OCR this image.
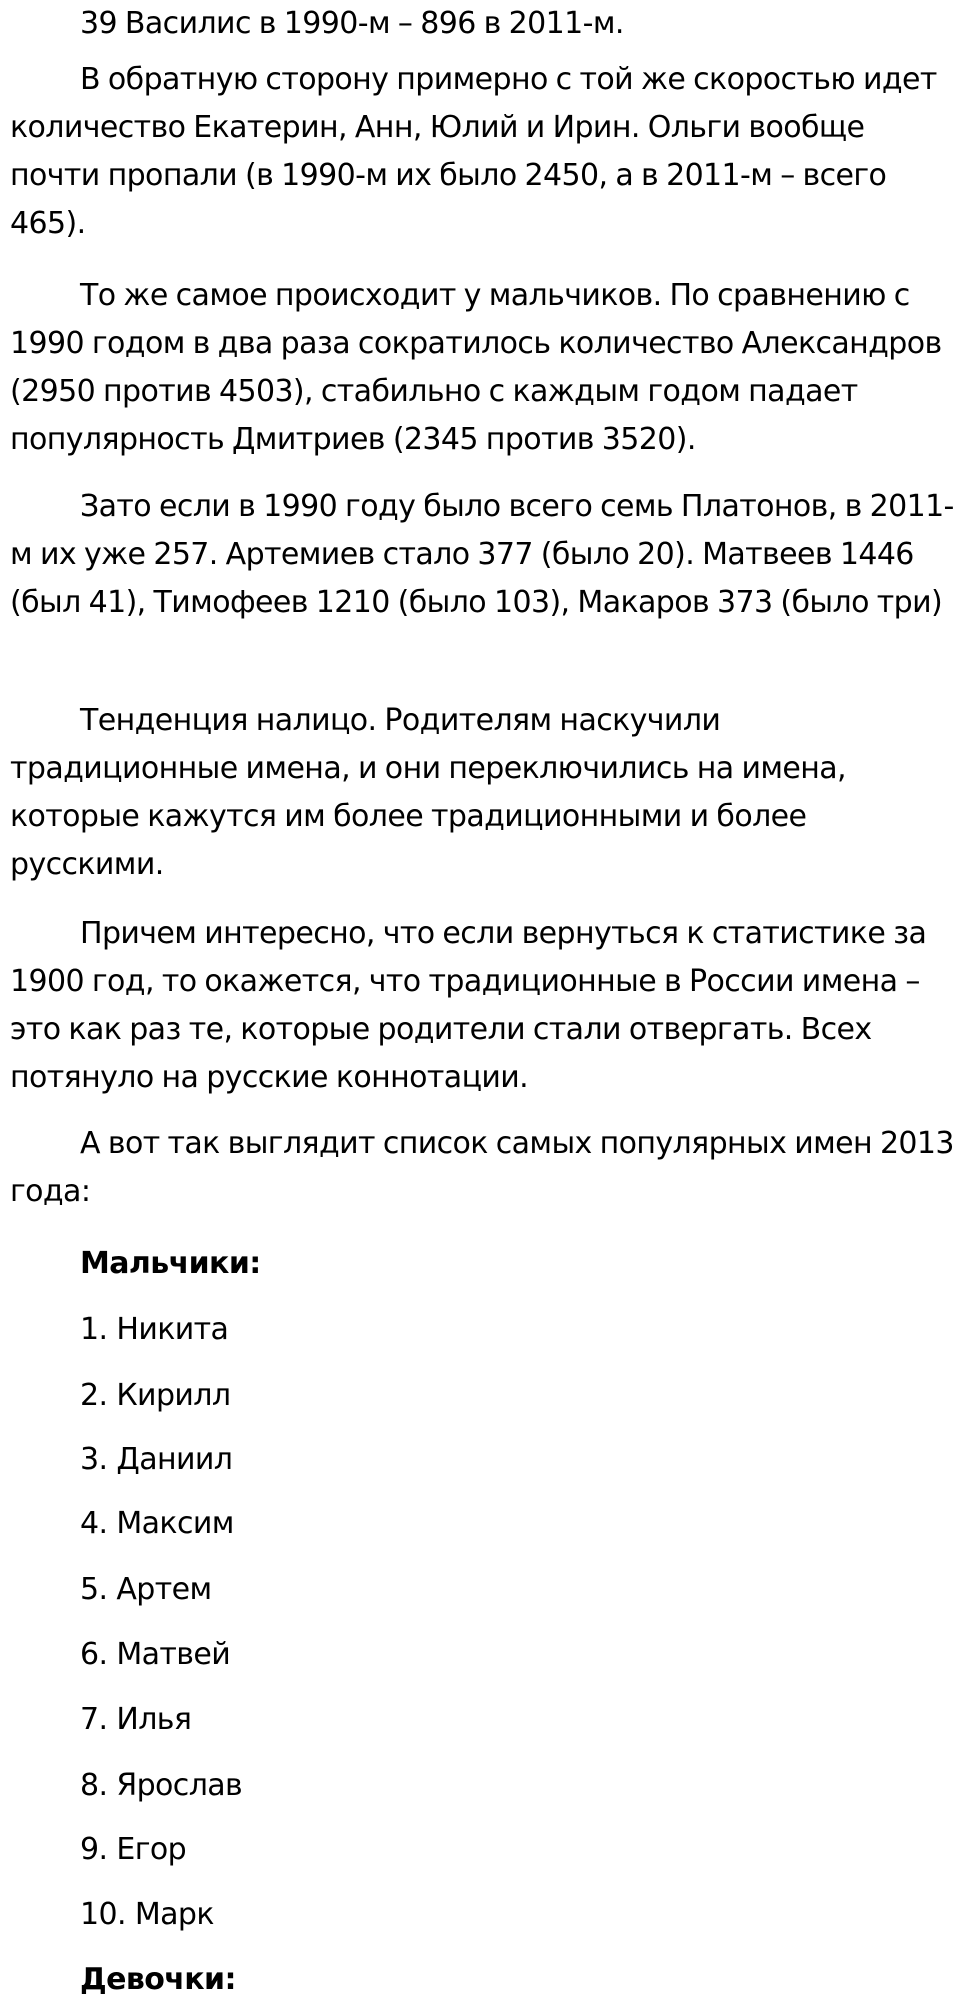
39 Василис в 1990-м – 896 в 2011-м.

В обратную сторону примерно с той же скоростью идет количество Екатерин, Анн, Юлий и Ирин. Ольги вообще почти пропали (в 1990-м их было 2450, а в 2011-м – всего 465).

То же самое происходит у мальчиков. По сравнению с 1990 годом в два раза сократилось количество Александров (2950 против 4503), стабильно с каждым годом падает популярность Дмитриев (2345 против 3520).

Зато если в 1990 году было всего семь Платонов, в 2011-м их уже 257. Артемиев стало 377 (было 20). Матвеев 1446 (был 41), Тимофеев 1210 (было 103), Макаров 373 (было три)

Тенденция налицо. Родителям наскучили традиционные имена, и они переключились на имена, которые кажутся им более традиционными и более русскими.

Причем интересно, что если вернуться к статистике за 1900 год, то окажется, что традиционные в России имена – это как раз те, которые родители стали отвергать. Всех потянуло на русские коннотации.

А вот так выглядит список самых популярных имен 2013 года:

Мальчики:

1. Никита

2. Кирилл

3. Даниил

4. Максим

5. Артем

6. Матвей

7. Илья

8. Ярослав

9. Егор

10. Марк

Девочки:
